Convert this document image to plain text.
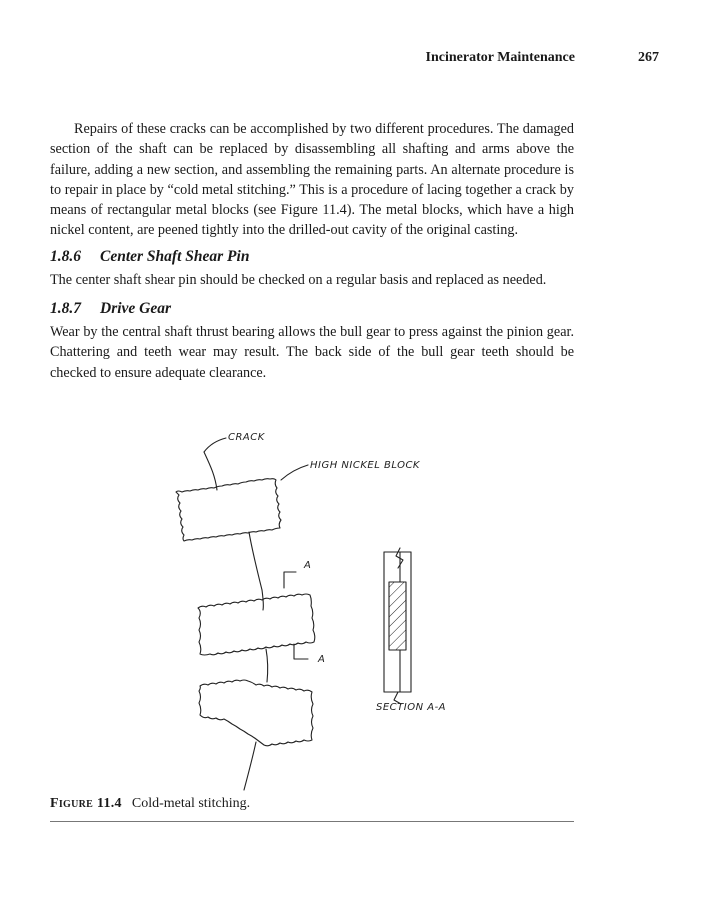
Incinerator Maintenance	267

Repairs of these cracks can be accomplished by two different procedures. The damaged section of the shaft can be replaced by disassembling all shafting and arms above the failure, adding a new section, and assembling the remaining parts. An alternate procedure is to repair in place by “cold metal stitching.” This is a procedure of lacing together a crack by means of rectangular metal blocks (see Figure 11.4). The metal blocks, which have a high nickel content, are peened tightly into the drilled-out cavity of the original casting.

1.8.6 Center Shaft Shear Pin

The center shaft shear pin should be checked on a regular basis and replaced as needed.

1.8.7 Drive Gear

Wear by the central shaft thrust bearing allows the bull gear to press against the pinion gear. Chattering and teeth wear may result. The back side of the bull gear teeth should be checked to ensure adequate clearance.

CRACK
HIGH NICKEL BLOCK
A
A
SECTION A-A
Figure 11.4 Cold-metal stitching.
